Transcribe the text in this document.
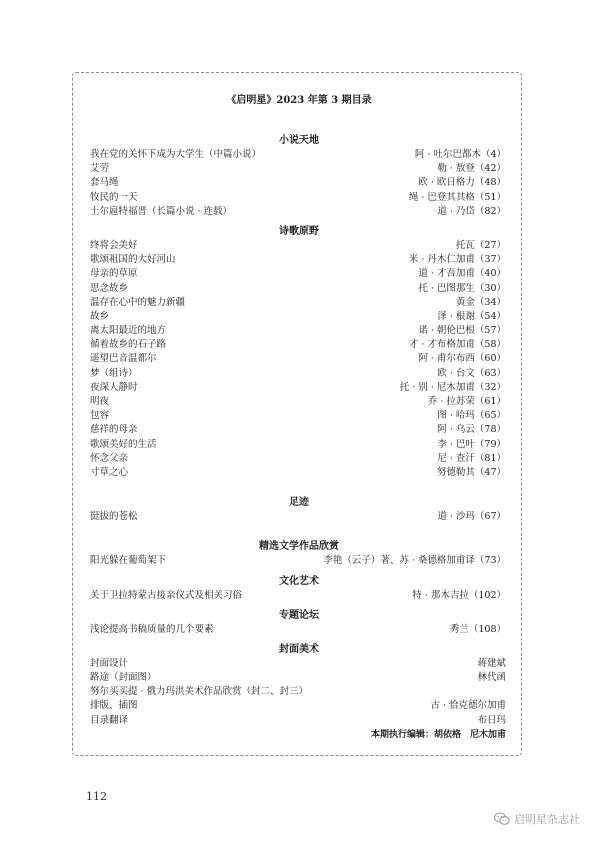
《启明星》2023 年第 3 期目录
小说天地
我在党的关怀下成为大学生（中篇小说）	阿 · 吐尔巴都木（4）
艾劳	勒 · 敖登（42）
套马绳	欧 · 欧日格力（48）
牧民的一天	绳 · 巴登其其格（51）
土尔扈特福晋（长篇小说 · 连载）	道 · 乃岱（82）
诗歌原野
终将会美好	托瓦（27）
歌颂祖国的大好河山	米 · 丹木仁加甫（37）
母亲的草原	道 · 才吾加甫（40）
思念故乡	托 · 巴图那生（30）
温存在心中的魅力新疆	黄金（34）
故乡	泽 · 根谢（54）
离太阳最近的地方	诺 · 朝伦巴根（57）
循着故乡的石子路	才 · 才布格加甫（58）
遥望巴音温都尔	阿 · 甫尔布西（60）
梦（组诗）	欧 · 台文（63）
夜深人静时	托 · 别 · 尼木加甫（32）
明夜	乔 · 拉苏荣（61）
包容	图 · 哈玛（65）
慈祥的母亲	阿 · 乌云（78）
歌颂美好的生活	李 · 巴叶（79）
怀念父亲	尼 · 查汗（81）
寸草之心	努德勒其（47）
足迹
挺拔的苍松	道 · 沙玛（67）
精选文学作品欣赏
阳光躲在葡萄架下	李艳（云子）著、苏 · 桑德格加甫译（73）
文化艺术
关于卫拉特蒙古接亲仪式及相关习俗	特 · 那木吉拉（102）
专题论坛
浅论提高书稿质量的几个要素	秀兰（108）
封面美术
封面设计	蒋建斌
路途（封面图）	林代函
努尔买买提 · 俄力玛洪美术作品欣赏（封二、封三）
排版、插图	古 · 恰克德尔加甫
目录翻译	布日玛
本期执行编辑：胡依格　尼木加甫
112
启明星杂志社
